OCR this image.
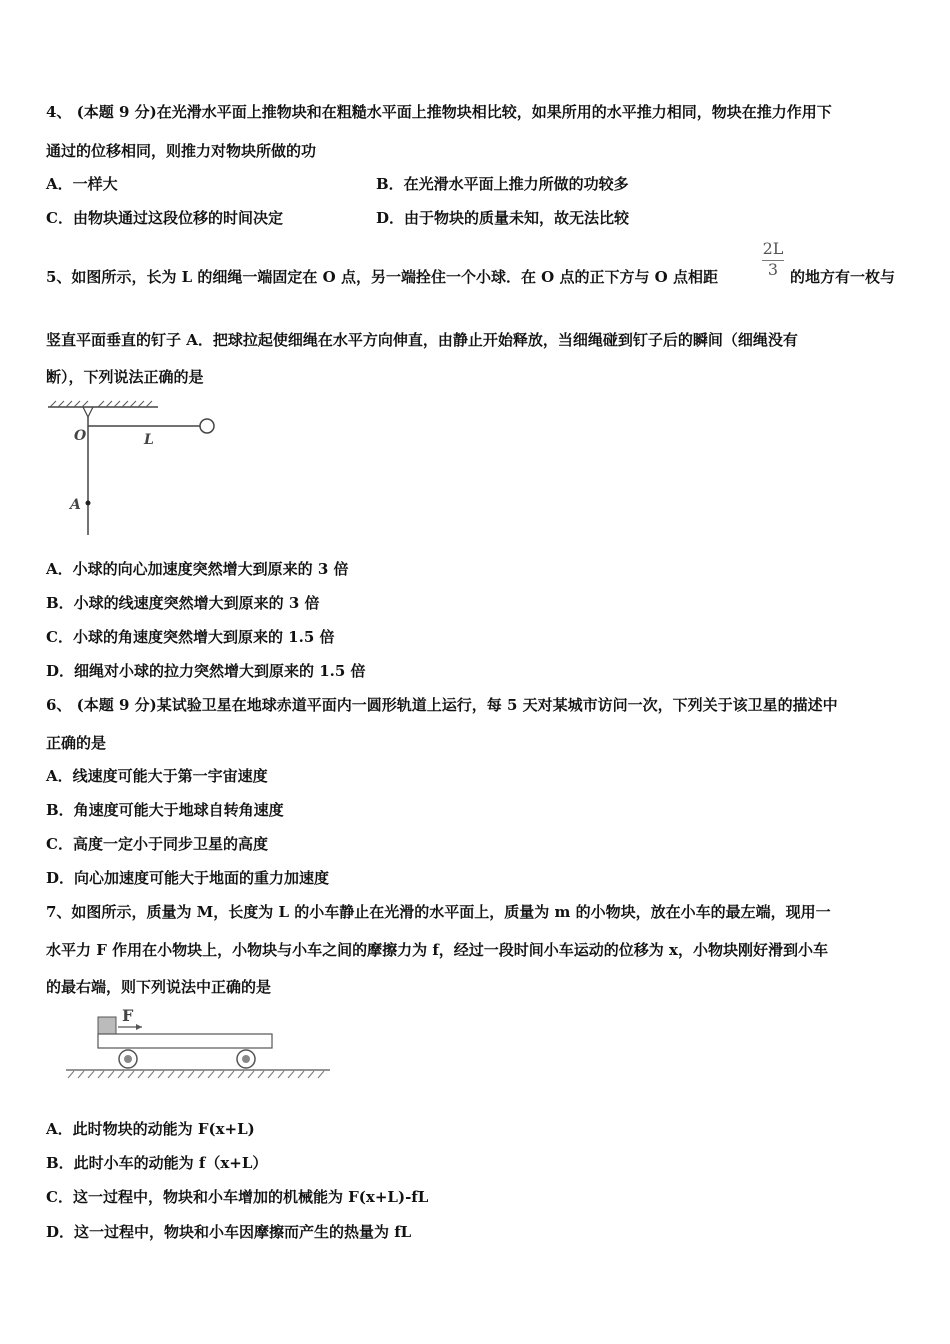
4、 (本题 9 分)在光滑水平面上推物块和在粗糙水平面上推物块相比较，如果所用的水平推力相同，物块在推力作用下
通过的位移相同，则推力对物块所做的功
A．一样大	B．在光滑水平面上推力所做的功较多
C．由物块通过这段位移的时间决定	D．由于物块的质量未知，故无法比较
5、如图所示，长为 L 的细绳一端固定在 O 点，另一端拴住一个小球．在 O 点的正下方与 O 点相距
2L
3 的地方有一枚与
竖直平面垂直的钉子 A．把球拉起使细绳在水平方向伸直，由静止开始释放，当细绳碰到钉子后的瞬间（细绳没有
断），下列说法正确的是
O	L
A
A．小球的向心加速度突然增大到原来的 3 倍
B．小球的线速度突然增大到原来的 3 倍
C．小球的角速度突然增大到原来的 1.5 倍
D．细绳对小球的拉力突然增大到原来的 1.5 倍
6、 (本题 9 分)某试验卫星在地球赤道平面内一圆形轨道上运行，每 5 天对某城市访问一次，下列关于该卫星的描述中
正确的是
A．线速度可能大于第一宇宙速度
B．角速度可能大于地球自转角速度
C．高度一定小于同步卫星的高度
D．向心加速度可能大于地面的重力加速度
7、如图所示，质量为 M，长度为 L 的小车静止在光滑的水平面上，质量为 m 的小物块，放在小车的最左端，现用一
水平力 F 作用在小物块上，小物块与小车之间的摩擦力为 f，经过一段时间小车运动的位移为 x，小物块刚好滑到小车
的最右端，则下列说法中正确的是
F
A．此时物块的动能为 F(x+L)
B．此时小车的动能为 f（x+L）
C．这一过程中，物块和小车增加的机械能为 F(x+L)-fL
D．这一过程中，物块和小车因摩擦而产生的热量为 fL
